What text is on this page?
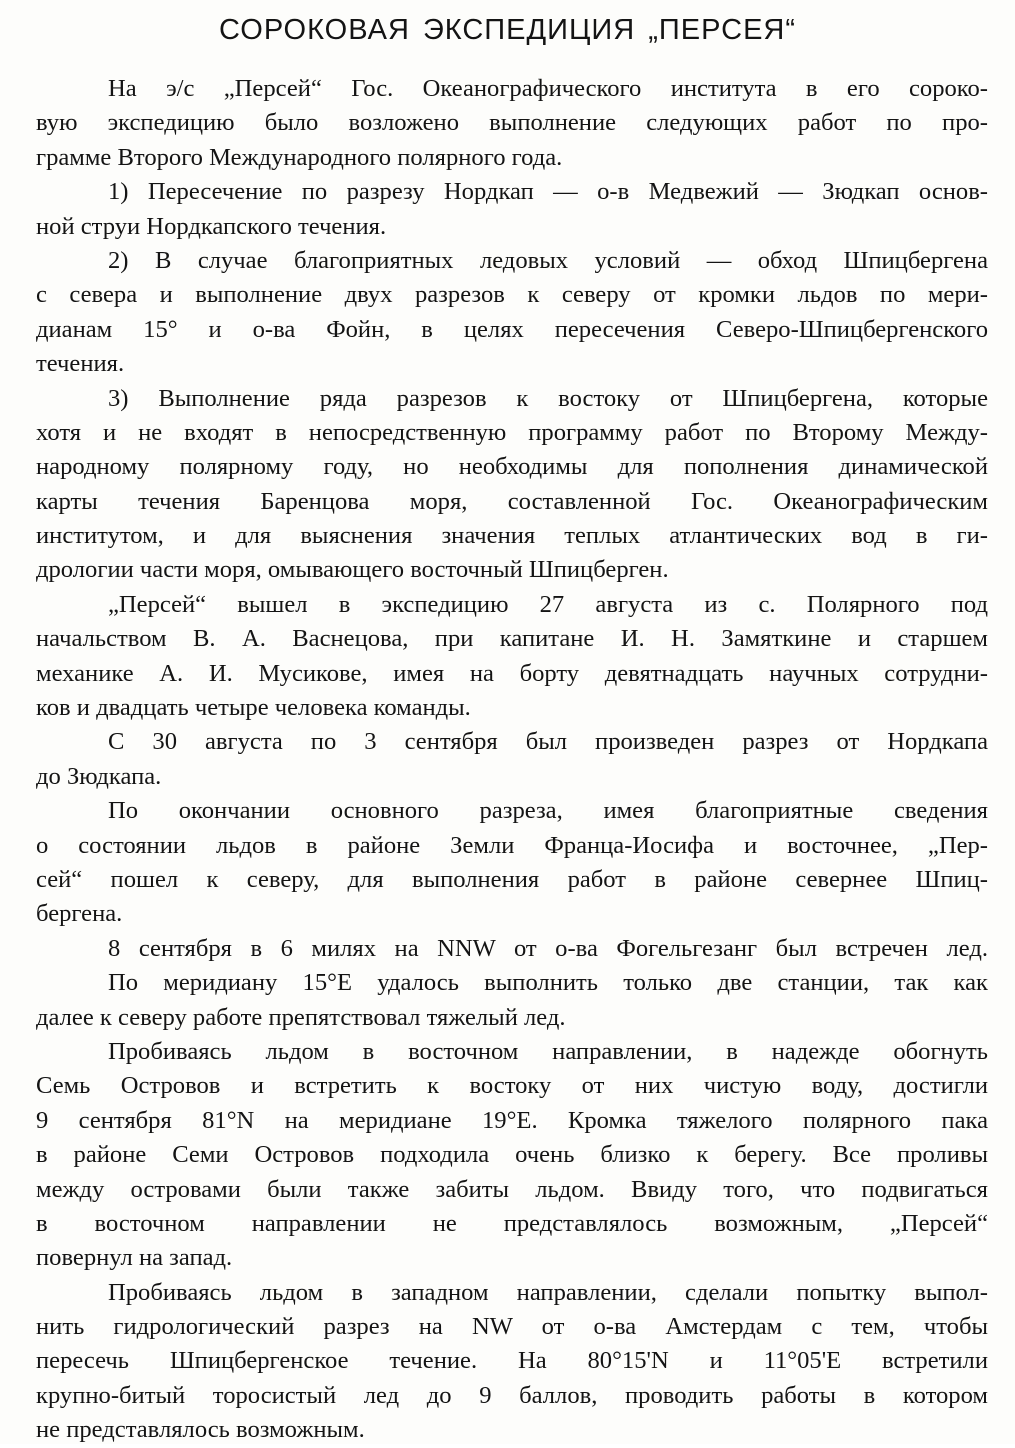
СОРОКОВАЯ ЭКСПЕДИЦИЯ „ПЕРСЕЯ“
На э/с „Персей“ Гос. Океанографического института в его сороко-
вую экспедицию было возложено выполнение следующих работ по про-
грамме Второго Международного полярного года.
1) Пересечение по разрезу Нордкап — о-в Медвежий — Зюдкап основ-
ной струи Нордкапского течения.
2) В случае благоприятных ледовых условий — обход Шпицбергена
с севера и выполнение двух разрезов к северу от кромки льдов по мери-
дианам 15° и о-ва Фойн, в целях пересечения Северо-Шпицбергенского
течения.
3) Выполнение ряда разрезов к востоку от Шпицбергена, которые
хотя и не входят в непосредственную программу работ по Второму Между-
народному полярному году, но необходимы для пополнения динамической
карты течения Баренцова моря, составленной Гос. Океанографическим
институтом, и для выяснения значения теплых атлантических вод в ги-
дрологии части моря, омывающего восточный Шпицберген.
„Персей“ вышел в экспедицию 27 августа из с. Полярного под
начальством В. А. Васнецова, при капитане И. Н. Замяткине и старшем
механике А. И. Мусикове, имея на борту девятнадцать научных сотрудни-
ков и двадцать четыре человека команды.
С 30 августа по 3 сентября был произведен разрез от Нордкапа
до Зюдкапа.
По окончании основного разреза, имея благоприятные сведения
о состоянии льдов в районе Земли Франца-Иосифа и восточнее, „Пер-
сей“ пошел к северу, для выполнения работ в районе севернее Шпиц-
бергена.
8 сентября в 6 милях на NNW от о-ва Фогельгезанг был встречен лед.
По меридиану 15°E удалось выполнить только две станции, так как
далее к северу работе препятствовал тяжелый лед.
Пробиваясь льдом в восточном направлении, в надежде обогнуть
Семь Островов и встретить к востоку от них чистую воду, достигли
9 сентября 81°N на меридиане 19°E. Кромка тяжелого полярного пака
в районе Семи Островов подходила очень близко к берегу. Все проливы
между островами были также забиты льдом. Ввиду того, что подвигаться
в восточном направлении не представлялось возможным, „Персей“
повернул на запад.
Пробиваясь льдом в западном направлении, сделали попытку выпол-
нить гидрологический разрез на NW от о-ва Амстердам с тем, чтобы
пересечь Шпицбергенское течение. На 80°15'N и 11°05'E встретили
крупно-битый торосистый лед до 9 баллов, проводить работы в котором
не представлялось возможным.
